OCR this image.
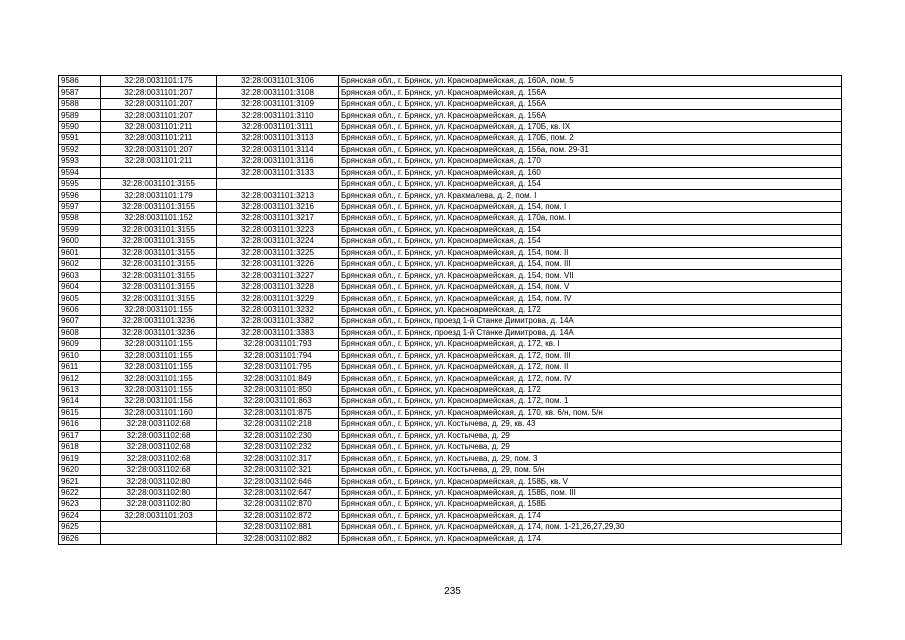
9586	32:28:0031101:175	32:28:0031101:3106	Брянская обл., г. Брянск, ул. Красноармейская, д. 160А, пом. 5
9587	32:28:0031101:207	32:28:0031101:3108	Брянская обл., г. Брянск, ул. Красноармейская, д. 156А
9588	32:28:0031101:207	32:28:0031101:3109	Брянская обл., г. Брянск, ул. Красноармейская, д. 156А
9589	32:28:0031101:207	32:28:0031101:3110	Брянская обл., г. Брянск, ул. Красноармейская, д. 156А
9590	32:28:0031101:211	32:28:0031101:3111	Брянская обл., г. Брянск, ул. Красноармейская, д. 170Б, кв. IX
9591	32:28:0031101:211	32:28:0031101:3113	Брянская обл., г. Брянск, ул. Красноармейская, д. 170Б, пом. 2
9592	32:28:0031101:207	32:28:0031101:3114	Брянская обл., г. Брянск, ул. Красноармейская, д. 156а, пом. 29-31
9593	32:28:0031101:211	32:28:0031101:3116	Брянская обл., г. Брянск, ул. Красноармейская, д. 170
9594		32:28:0031101:3133	Брянская обл., г. Брянск, ул. Красноармейская, д. 160
9595	32:28:0031101:3155		Брянская обл., г. Брянск, ул. Красноармейская, д. 154
9596	32:28:0031101:179	32:28:0031101:3213	Брянская обл., г. Брянск, ул. Крахмалева, д. 2, пом. I
9597	32:28:0031101:3155	32:28:0031101:3216	Брянская обл., г. Брянск, ул. Красноармейская, д. 154, пом. I
9598	32:28:0031101:152	32:28:0031101:3217	Брянская обл., г. Брянск, ул. Красноармейская, д. 170а, пом. I
9599	32:28:0031101:3155	32:28:0031101:3223	Брянская обл., г. Брянск, ул. Красноармейская, д. 154
9600	32:28:0031101:3155	32:28:0031101:3224	Брянская обл., г. Брянск, ул. Красноармейская, д. 154
9601	32:28:0031101:3155	32:28:0031101:3225	Брянская обл., г. Брянск, ул. Красноармейская, д. 154, пом. II
9602	32:28:0031101:3155	32:28:0031101:3226	Брянская обл., г. Брянск, ул. Красноармейская, д. 154, пом. III
9603	32:28:0031101:3155	32:28:0031101:3227	Брянская обл., г. Брянск, ул. Красноармейская, д. 154, пом. VII
9604	32:28:0031101:3155	32:28:0031101:3228	Брянская обл., г. Брянск, ул. Красноармейская, д. 154, пом. V
9605	32:28:0031101:3155	32:28:0031101:3229	Брянская обл., г. Брянск, ул. Красноармейская, д. 154, пом. IV
9606	32:28:0031101:155	32:28:0031101:3232	Брянская обл., г. Брянск, ул. Красноармейская, д. 172
9607	32:28:0031101:3236	32:28:0031101:3382	Брянская обл., г. Брянск, проезд 1-й Станке Димитрова, д. 14А
9608	32:28:0031101:3236	32:28:0031101:3383	Брянская обл., г. Брянск, проезд 1-й Станке Димитрова, д. 14А
9609	32:28:0031101:155	32:28:0031101:793	Брянская обл., г. Брянск, ул. Красноармейская, д. 172, кв. I
9610	32:28:0031101:155	32:28:0031101:794	Брянская обл., г. Брянск, ул. Красноармейская, д. 172, пом. III
9611	32:28:0031101:155	32:28:0031101:795	Брянская обл., г. Брянск, ул. Красноармейская, д. 172, пом. II
9612	32:28:0031101:155	32:28:0031101:849	Брянская обл., г. Брянск, ул. Красноармейская, д. 172, пом. IV
9613	32:28:0031101:155	32:28:0031101:850	Брянская обл., г. Брянск, ул. Красноармейская, д. 172
9614	32:28:0031101:156	32:28:0031101:863	Брянская обл., г. Брянск, ул. Красноармейская, д. 172, пом. 1
9615	32:28:0031101:160	32:28:0031101:875	Брянская обл., г. Брянск, ул. Красноармейская, д. 170, кв. 6/н, пом. 5/н
9616	32:28:0031102:68	32:28:0031102:218	Брянская обл., г. Брянск, ул. Костычева, д. 29, кв. 43
9617	32:28:0031102:68	32:28:0031102:230	Брянская обл., г. Брянск, ул. Костычева, д. 29
9618	32:28:0031102:68	32:28:0031102:232	Брянская обл., г. Брянск, ул. Костычева, д. 29
9619	32:28:0031102:68	32:28:0031102:317	Брянская обл., г. Брянск, ул. Костычева, д. 29, пом. 3
9620	32:28:0031102:68	32:28:0031102:321	Брянская обл., г. Брянск, ул. Костычева, д. 29, пом. 5/н
9621	32:28:0031102:80	32:28:0031102:646	Брянская обл., г. Брянск, ул. Красноармейская, д. 158Б, кв. V
9622	32:28:0031102:80	32:28:0031102:647	Брянская обл., г. Брянск, ул. Красноармейская, д. 158Б, пом. III
9623	32:28:0031102:80	32:28:0031102:870	Брянская обл., г. Брянск, ул. Красноармейская, д. 158Б
9624	32:28:0031101:203	32:28:0031102:872	Брянская обл., г. Брянск, ул. Красноармейская, д. 174
9625		32:28:0031102:881	Брянская обл., г. Брянск, ул. Красноармейская, д. 174, пом. 1-21,26,27,29,30
9626		32:28:0031102:882	Брянская обл., г. Брянск, ул. Красноармейская, д. 174
235
